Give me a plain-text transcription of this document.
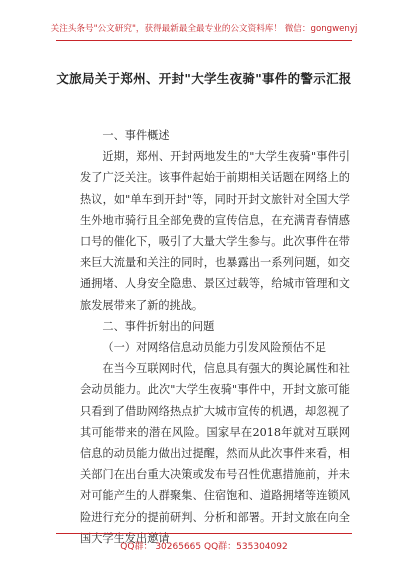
关注头条号"公文研究"，获得最新最全最专业的公文资料库！ 微信：gongwenyj
文旅局关于郑州、开封"大学生夜骑"事件的警示汇报

一、事件概述

近期，郑州、开封两地发生的"大学生夜骑"事件引发了广泛关注。该事件起始于前期相关话题在网络上的热议，如"单车到开封"等，同时开封文旅针对全国大学生外地市骑行且全部免费的宣传信息，在充满青春情感口号的催化下，吸引了大量大学生参与。此次事件在带来巨大流量和关注的同时，也暴露出一系列问题，如交通拥堵、人身安全隐患、景区过载等，给城市管理和文旅发展带来了新的挑战。

二、事件折射出的问题

（一）对网络信息动员能力引发风险预估不足

在当今互联网时代，信息具有强大的舆论属性和社会动员能力。此次"大学生夜骑"事件中，开封文旅可能只看到了借助网络热点扩大城市宣传的机遇，却忽视了其可能带来的潜在风险。国家早在2018年就对互联网信息的动员能力做出过提醒，然而从此次事件来看，相关部门在出台重大决策或发布号召性优惠措施前，并未对可能产生的人群聚集、住宿饱和、道路拥堵等连锁风险进行充分的提前研判、分析和部署。开封文旅在向全国大学生发出邀请

QQ群： 30265665 QQ群：535304092
